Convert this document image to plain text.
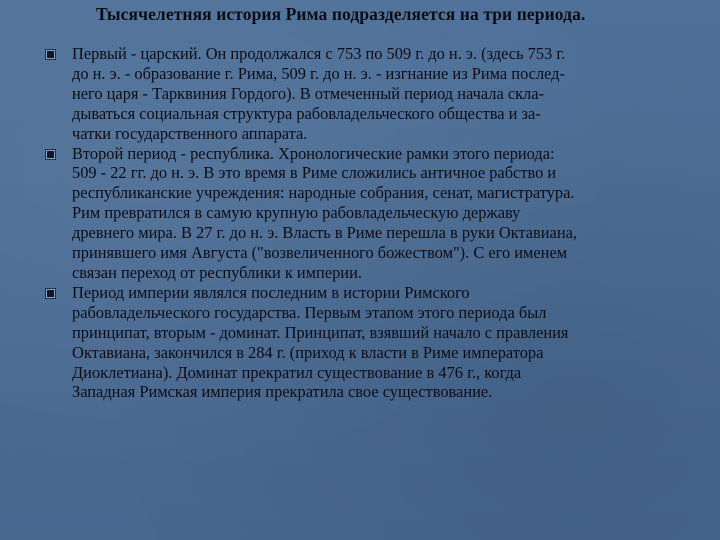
Тысячелетняя история Рима подразделяется на три периода.
Первый - царский. Он продолжался с 753 по 509 г. до н. э. (здесь 753 г.
до н. э. - образование г. Рима, 509 г. до н. э. - изгнание из Рима послед-
него царя - Тарквиния Гордого). В отмеченный период начала скла-
дываться социальная структура рабовладельческого общества и за-
чатки государственного аппарата.
Второй период - республика. Хронологические рамки этого периода:
509 - 22 гг. до н. э. В это время в Риме сложились античное рабство и
республиканские учреждения: народные собрания, сенат, магистратура.
Рим превратился в самую крупную рабовладельческую державу
древнего мира. В 27 г. до н. э. Власть в Риме перешла в руки Октавиана,
принявшего имя Августа ("возвеличенного божеством"). С его именем
связан переход от республики к империи.
Период империи являлся последним в истории Римского
рабовладельческого государства. Первым этапом этого периода был
принципат, вторым - доминат. Принципат, взявший начало с правления
Октавиана, закончился в 284 г. (приход к власти в Риме императора
Диоклетиана). Доминат прекратил существование в 476 г., когда
Западная Римская империя прекратила свое существование.
